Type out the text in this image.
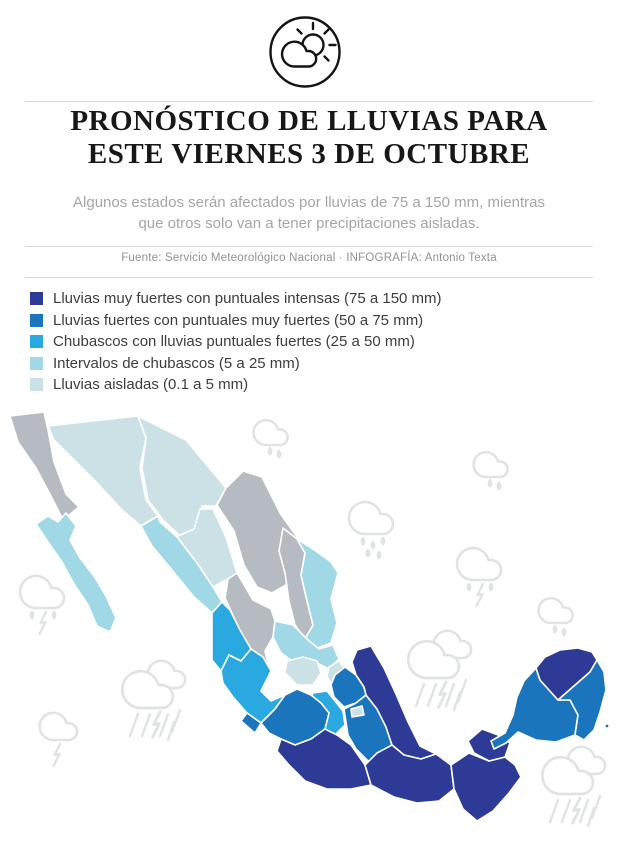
PRONÓSTICO DE LLUVIAS PARA
ESTE VIERNES 3 DE OCTUBRE

Algunos estados serán afectados por lluvias de 75 a 150 mm, mientras que otros solo van a tener precipitaciones aisladas.

Fuente: Servicio Meteorológico Nacional · INFOGRAFÍA: Antonio Texta

Lluvias muy fuertes con puntuales intensas (75 a 150 mm)
Lluvias fuertes con puntuales muy fuertes (50 a 75 mm)
Chubascos con lluvias puntuales fuertes (25 a 50 mm)
Intervalos de chubascos (5 a 25 mm)
Lluvias aisladas (0.1 a 5 mm)
